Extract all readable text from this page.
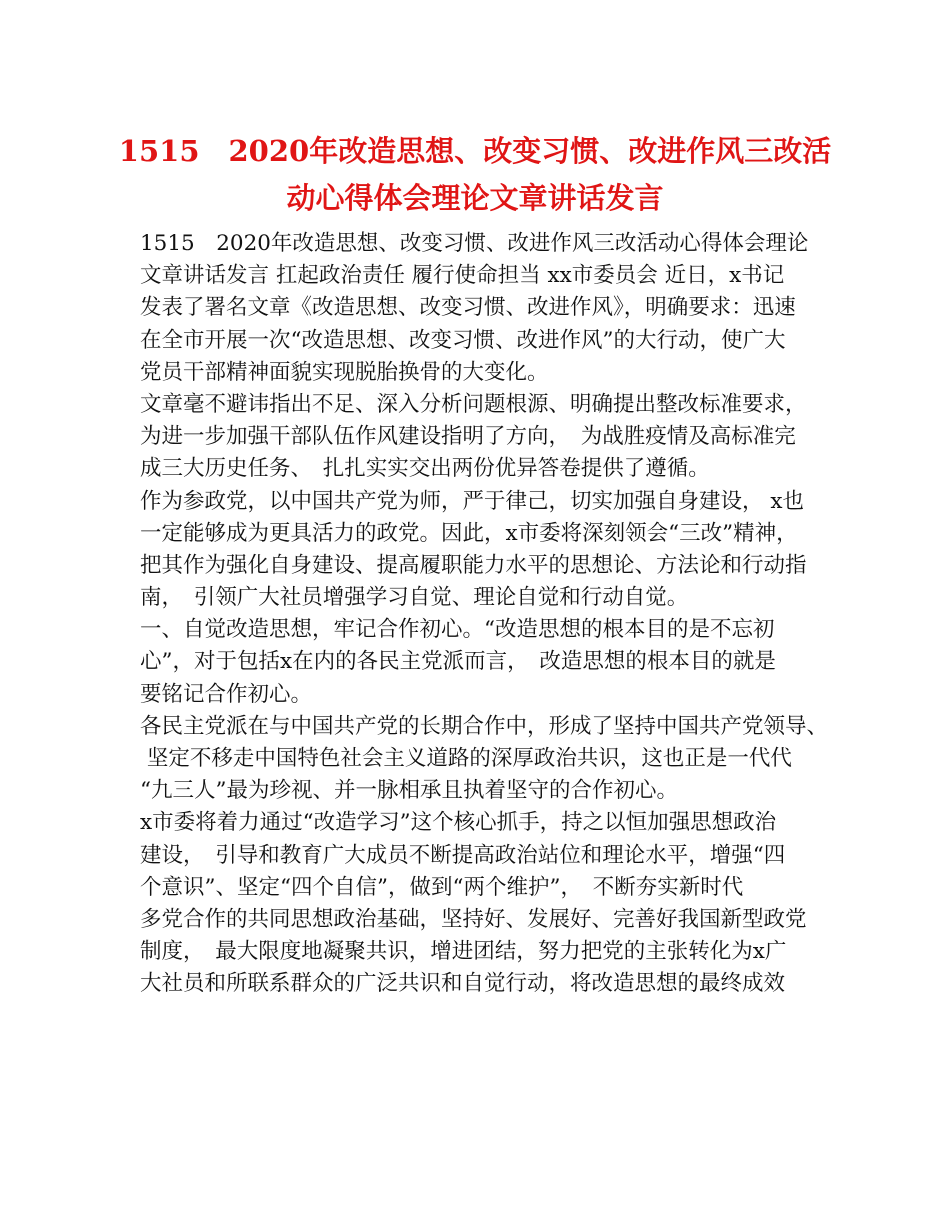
1515　2020年改造思想、改变习惯、改进作风三改活
动心得体会理论文章讲话发言
1515　2020年改造思想、改变习惯、改进作风三改活动心得体会理论
文章讲话发言 扛起政治责任 履行使命担当 xx市委员会 近日，x书记
发表了署名文章《改造思想、改变习惯、改进作风》，明确要求：迅速
在全市开展一次“改造思想、改变习惯、改进作风”的大行动，使广大
党员干部精神面貌实现脱胎换骨的大变化。
文章毫不避讳指出不足、深入分析问题根源、明确提出整改标准要求，
为进一步加强干部队伍作风建设指明了方向，　为战胜疫情及高标准完
成三大历史任务、　扎扎实实交出两份优异答卷提供了遵循。
作为参政党，以中国共产党为师，严于律己，切实加强自身建设， x也
一定能够成为更具活力的政党。因此，x市委将深刻领会“三改”精神，
把其作为强化自身建设、提高履职能力水平的思想论、方法论和行动指
南，　引领广大社员增强学习自觉、理论自觉和行动自觉。
一、自觉改造思想，牢记合作初心。“改造思想的根本目的是不忘初
心”，对于包括x在内的各民主党派而言，　改造思想的根本目的就是
要铭记合作初心。
各民主党派在与中国共产党的长期合作中，形成了坚持中国共产党领导、
坚定不移走中国特色社会主义道路的深厚政治共识，这也正是一代代
“九三人”最为珍视、并一脉相承且执着坚守的合作初心。
x市委将着力通过“改造学习”这个核心抓手，持之以恒加强思想政治
建设，　引导和教育广大成员不断提高政治站位和理论水平，增强“四
个意识”、坚定“四个自信”，做到“两个维护”，　不断夯实新时代
多党合作的共同思想政治基础，坚持好、发展好、完善好我国新型政党
制度，　最大限度地凝聚共识，增进团结，努力把党的主张转化为x广
大社员和所联系群众的广泛共识和自觉行动，将改造思想的最终成效
